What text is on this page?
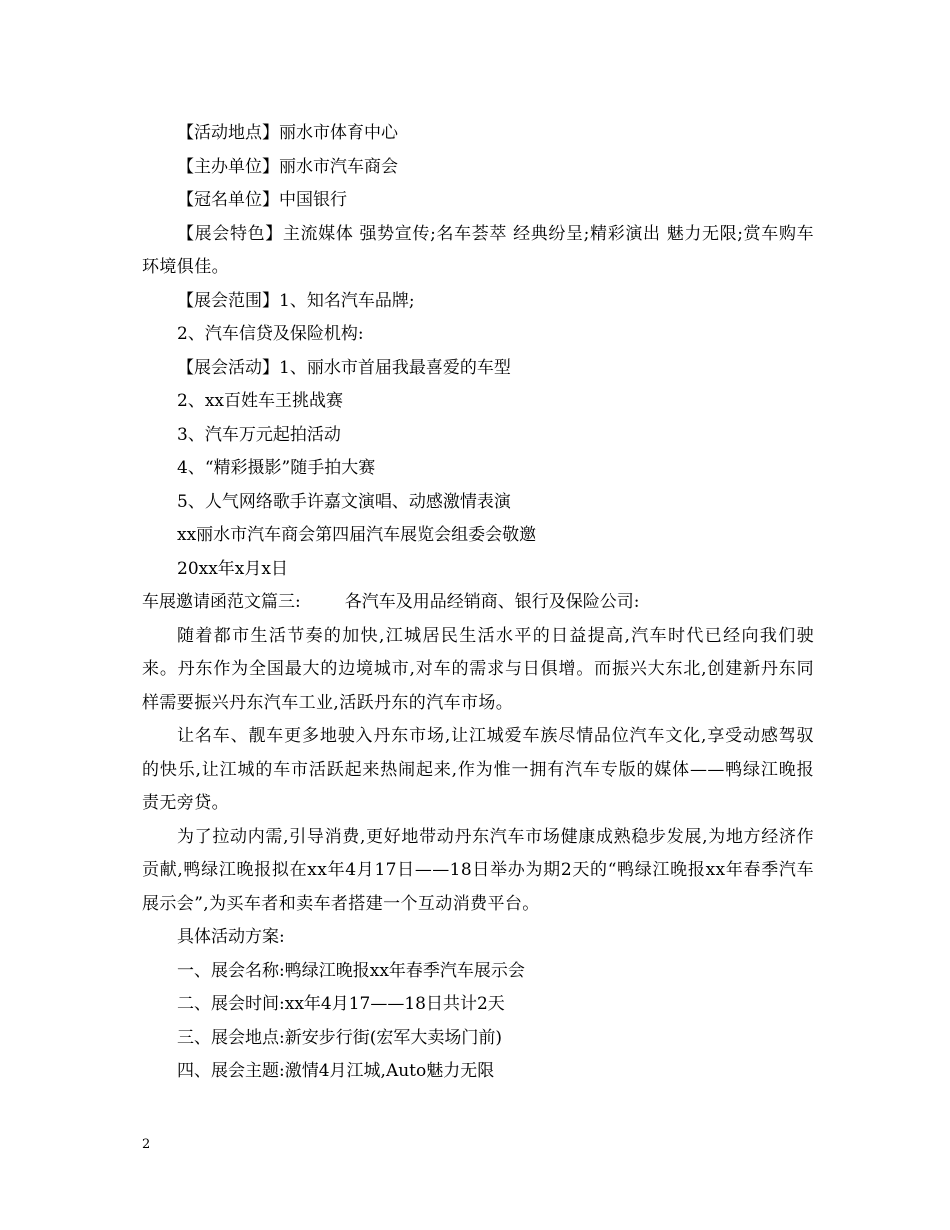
【活动地点】丽水市体育中心
【主办单位】丽水市汽车商会
【冠名单位】中国银行
【展会特色】主流媒体 强势宣传;名车荟萃 经典纷呈;精彩演出 魅力无限;赏车购车 环境俱佳。
【展会范围】1、知名汽车品牌;
2、汽车信贷及保险机构:
【展会活动】1、丽水市首届我最喜爱的车型
2、xx百姓车王挑战赛
3、汽车万元起拍活动
4、“精彩摄影”随手拍大赛
5、人气网络歌手许嘉文演唱、动感激情表演
xx丽水市汽车商会第四届汽车展览会组委会敬邀
20xx年x月x日
车展邀请函范文篇三:	各汽车及用品经销商、银行及保险公司:
随着都市生活节奏的加快,江城居民生活水平的日益提高,汽车时代已经向我们驶来。丹东作为全国最大的边境城市,对车的需求与日俱增。而振兴大东北,创建新丹东同样需要振兴丹东汽车工业,活跃丹东的汽车市场。
让名车、靓车更多地驶入丹东市场,让江城爱车族尽情品位汽车文化,享受动感驾驭的快乐,让江城的车市活跃起来热闹起来,作为惟一拥有汽车专版的媒体——鸭绿江晚报责无旁贷。
为了拉动内需,引导消费,更好地带动丹东汽车市场健康成熟稳步发展,为地方经济作贡献,鸭绿江晚报拟在xx年4月17日——18日举办为期2天的“鸭绿江晚报xx年春季汽车展示会”,为买车者和卖车者搭建一个互动消费平台。
具体活动方案:
一、展会名称:鸭绿江晚报xx年春季汽车展示会
二、展会时间:xx年4月17——18日共计2天
三、展会地点:新安步行街(宏军大卖场门前)
四、展会主题:激情4月江城,Auto魅力无限
2
